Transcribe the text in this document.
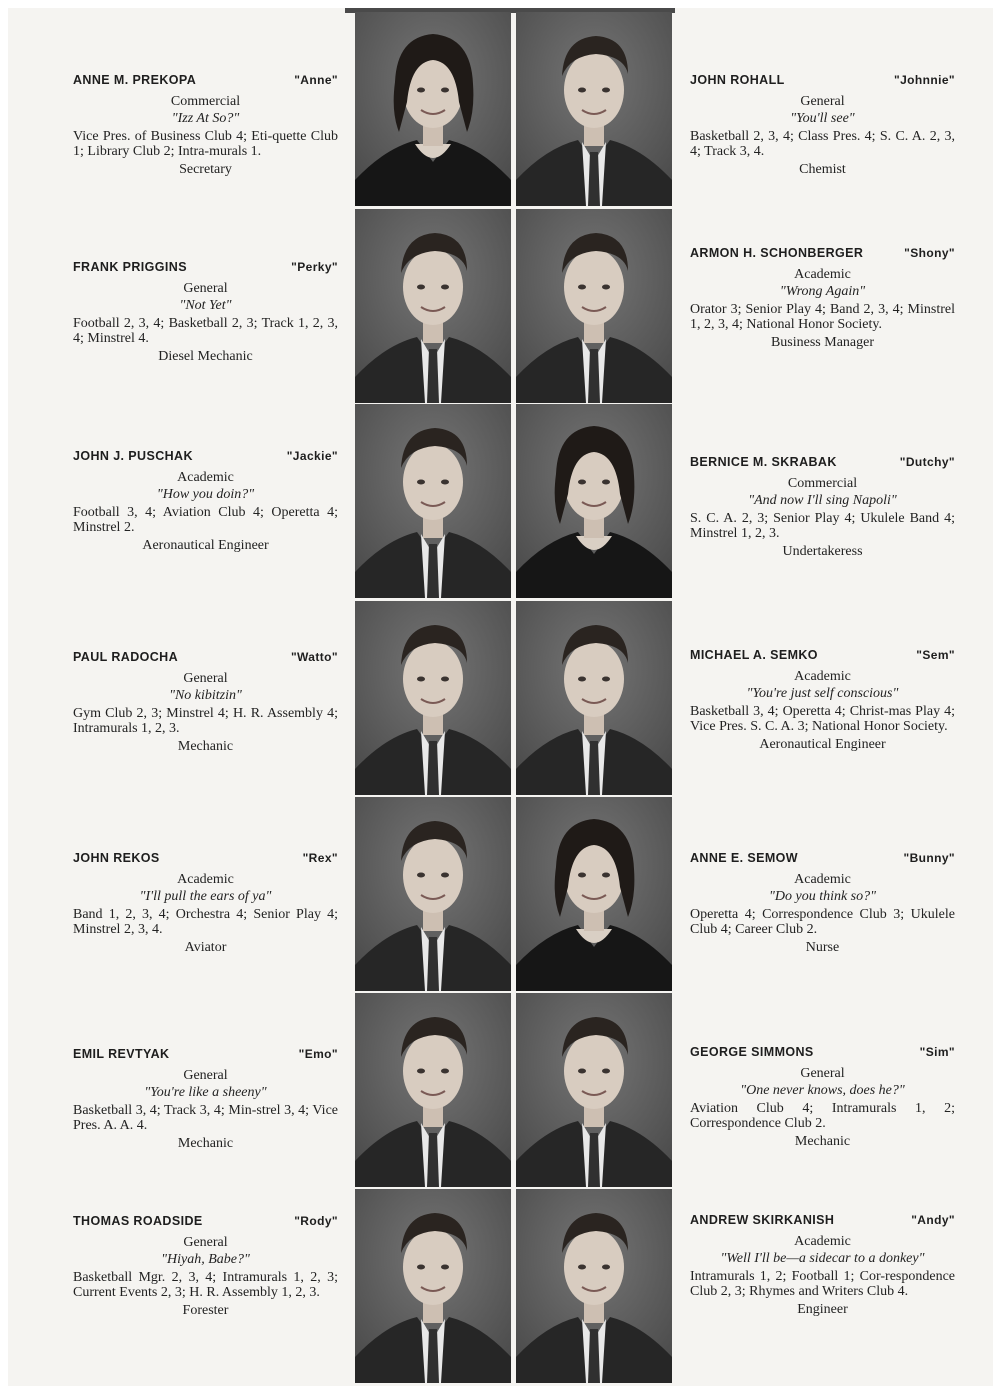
ANNE M. PREKOPA	"Anne"
Commercial
"Izz At So?"
Vice Pres. of Business Club 4; Eti-quette Club 1; Library Club 2; Intra-murals 1.
Secretary
FRANK PRIGGINS	"Perky"
General
"Not Yet"
Football 2, 3, 4; Basketball 2, 3; Track 1, 2, 3, 4; Minstrel 4.
Diesel Mechanic
JOHN J. PUSCHAK	"Jackie"
Academic
"How you doin?"
Football 3, 4; Aviation Club 4; Operetta 4; Minstrel 2.
Aeronautical Engineer
PAUL RADOCHA	"Watto"
General
"No kibitzin"
Gym Club 2, 3; Minstrel 4; H. R. Assembly 4; Intramurals 1, 2, 3.
Mechanic
JOHN REKOS	"Rex"
Academic
"I'll pull the ears of ya"
Band 1, 2, 3, 4; Orchestra 4; Senior Play 4; Minstrel 2, 3, 4.
Aviator
EMIL REVTYAK	"Emo"
General
"You're like a sheeny"
Basketball 3, 4; Track 3, 4; Min-strel 3, 4; Vice Pres. A. A. 4.
Mechanic
THOMAS ROADSIDE	"Rody"
General
"Hiyah, Babe?"
Basketball Mgr. 2, 3, 4; Intramurals 1, 2, 3; Current Events 2, 3; H. R. Assembly 1, 2, 3.
Forester
JOHN ROHALL	"Johnnie"
General
"You'll see"
Basketball 2, 3, 4; Class Pres. 4; S. C. A. 2, 3, 4; Track 3, 4.
Chemist
ARMON H. SCHONBERGER	"Shony"
Academic
"Wrong Again"
Orator 3; Senior Play 4; Band 2, 3, 4; Minstrel 1, 2, 3, 4; National Honor Society.
Business Manager
BERNICE M. SKRABAK	"Dutchy"
Commercial
"And now I'll sing Napoli"
S. C. A. 2, 3; Senior Play 4; Ukulele Band 4; Minstrel 1, 2, 3.
Undertakeress
MICHAEL A. SEMKO	"Sem"
Academic
"You're just self conscious"
Basketball 3, 4; Operetta 4; Christ-mas Play 4; Vice Pres. S. C. A. 3; National Honor Society.
Aeronautical Engineer
ANNE E. SEMOW	"Bunny"
Academic
"Do you think so?"
Operetta 4; Correspondence Club 3; Ukulele Club 4; Career Club 2.
Nurse
GEORGE SIMMONS	"Sim"
General
"One never knows, does he?"
Aviation Club 4; Intramurals 1, 2; Correspondence Club 2.
Mechanic
ANDREW SKIRKANISH	"Andy"
Academic
"Well I'll be—a sidecar to a donkey"
Intramurals 1, 2; Football 1; Cor-respondence Club 2, 3; Rhymes and Writers Club 4.
Engineer
